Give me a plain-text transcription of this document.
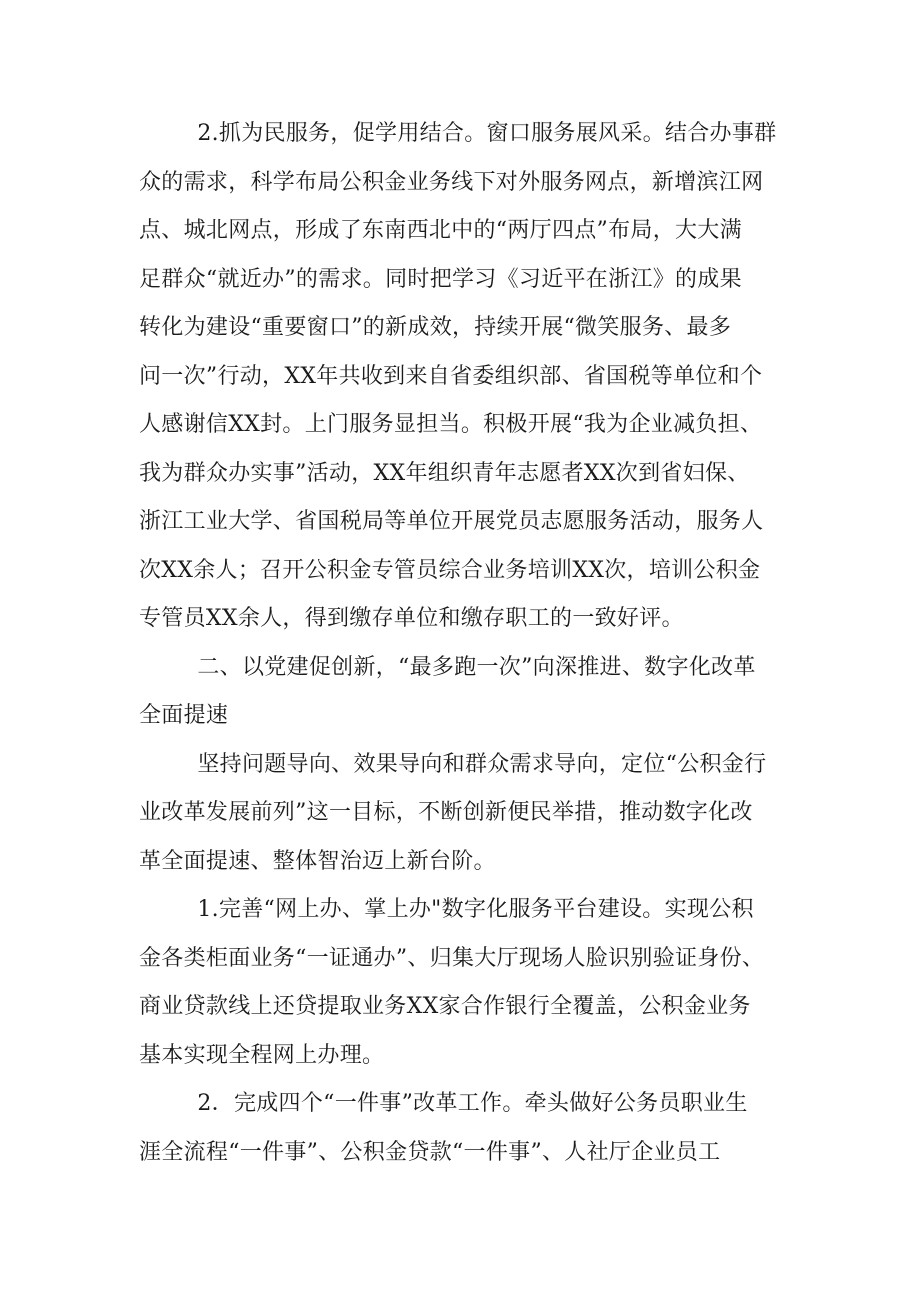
2.抓为民服务，促学用结合。窗口服务展风采。结合办事群
众的需求，科学布局公积金业务线下对外服务网点，新增滨江网
点、城北网点，形成了东南西北中的“两厅四点”布局，大大满
足群众“就近办”的需求。同时把学习《习近平在浙江》的成果
转化为建设“重要窗口”的新成效，持续开展“微笑服务、最多
问一次”行动，XX年共收到来自省委组织部、省国税等单位和个
人感谢信XX封。上门服务显担当。积极开展“我为企业减负担、
我为群众办实事”活动，XX年组织青年志愿者XX次到省妇保、
浙江工业大学、省国税局等单位开展党员志愿服务活动，服务人
次XX余人；召开公积金专管员综合业务培训XX次，培训公积金
专管员XX余人，得到缴存单位和缴存职工的一致好评。
二、以党建促创新，“最多跑一次”向深推进、数字化改革
全面提速
坚持问题导向、效果导向和群众需求导向，定位“公积金行
业改革发展前列”这一目标，不断创新便民举措，推动数字化改
革全面提速、整体智治迈上新台阶。
1.完善“网上办、掌上办"数字化服务平台建设。实现公积
金各类柜面业务“一证通办”、归集大厅现场人脸识别验证身份、
商业贷款线上还贷提取业务XX家合作银行全覆盖，公积金业务
基本实现全程网上办理。
2．完成四个“一件事”改革工作。牵头做好公务员职业生
涯全流程“一件事”、公积金贷款“一件事”、人社厅企业员工
